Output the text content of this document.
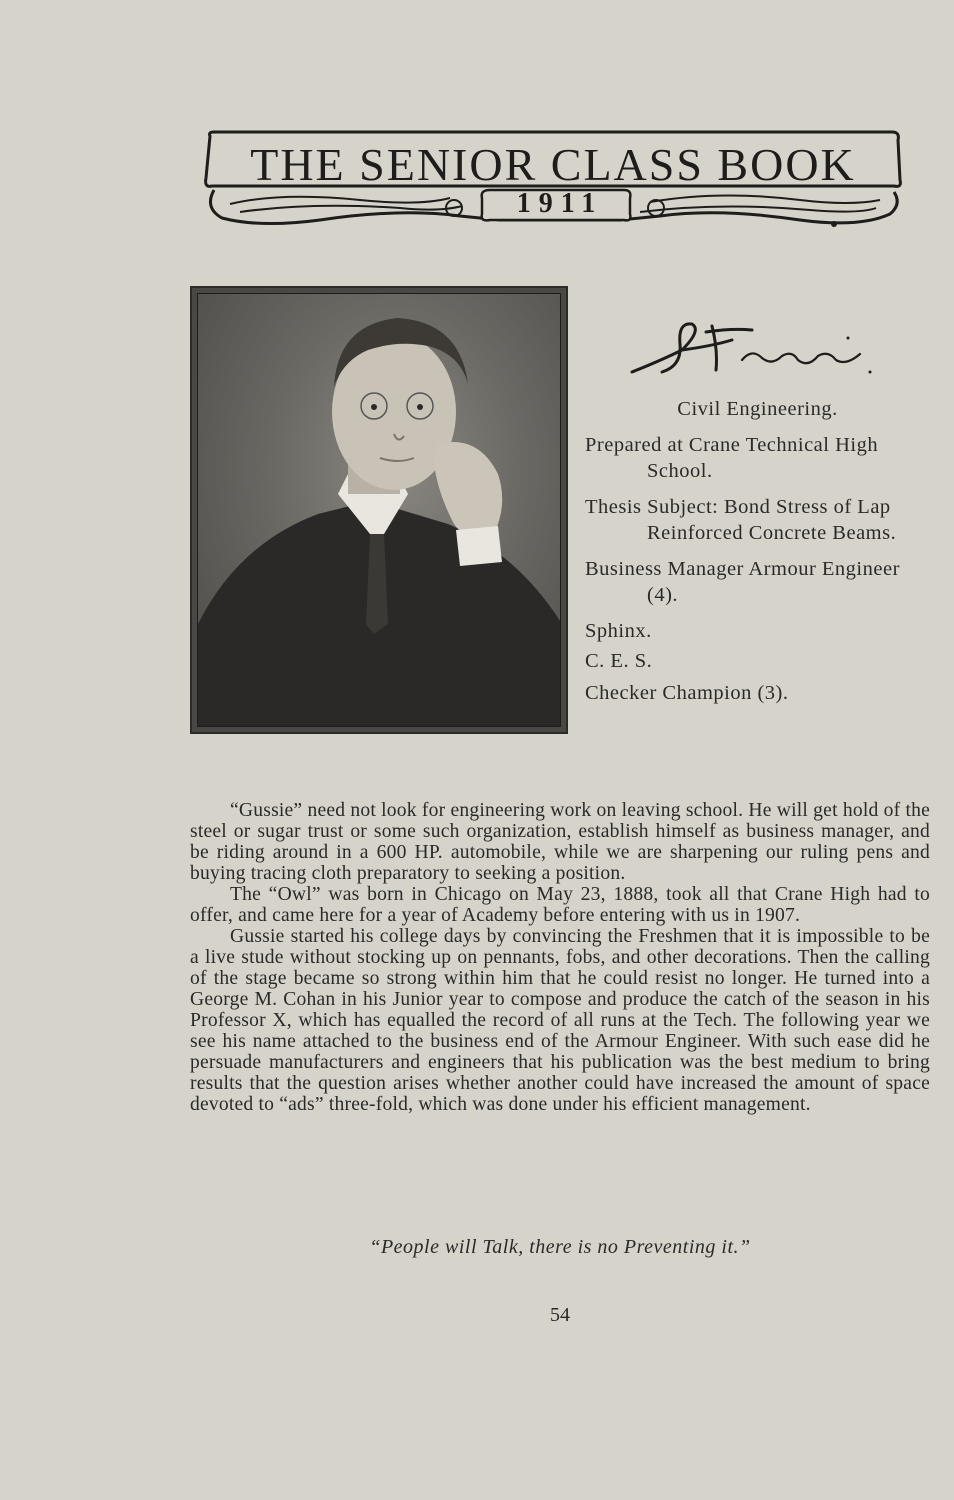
THE SENIOR CLASS BOOK
1911
Civil Engineering.
Prepared at Crane Technical High
School.
Thesis Subject: Bond Stress of Lap
Reinforced Concrete Beams.
Business Manager Armour Engineer
(4).
Sphinx.
C. E. S.
Checker Champion (3).

“Gussie” need not look for engineering work on leaving school. He will get hold of the steel or sugar trust or some such organization, establish himself as business manager, and be riding around in a 600 HP. automobile, while we are sharpening our ruling pens and buying tracing cloth preparatory to seeking a position.

The “Owl” was born in Chicago on May 23, 1888, took all that Crane High had to offer, and came here for a year of Academy before entering with us in 1907.

Gussie started his college days by convincing the Freshmen that it is impossible to be a live stude without stocking up on pennants, fobs, and other decorations. Then the calling of the stage became so strong within him that he could resist no longer. He turned into a George M. Cohan in his Junior year to compose and produce the catch of the season in his Professor X, which has equalled the record of all runs at the Tech. The following year we see his name attached to the business end of the Armour Engineer. With such ease did he persuade manufacturers and engineers that his publication was the best medium to bring results that the question arises whether another could have increased the amount of space devoted to “ads” three-fold, which was done under his efficient management.

“People will Talk, there is no Preventing it.”
54
